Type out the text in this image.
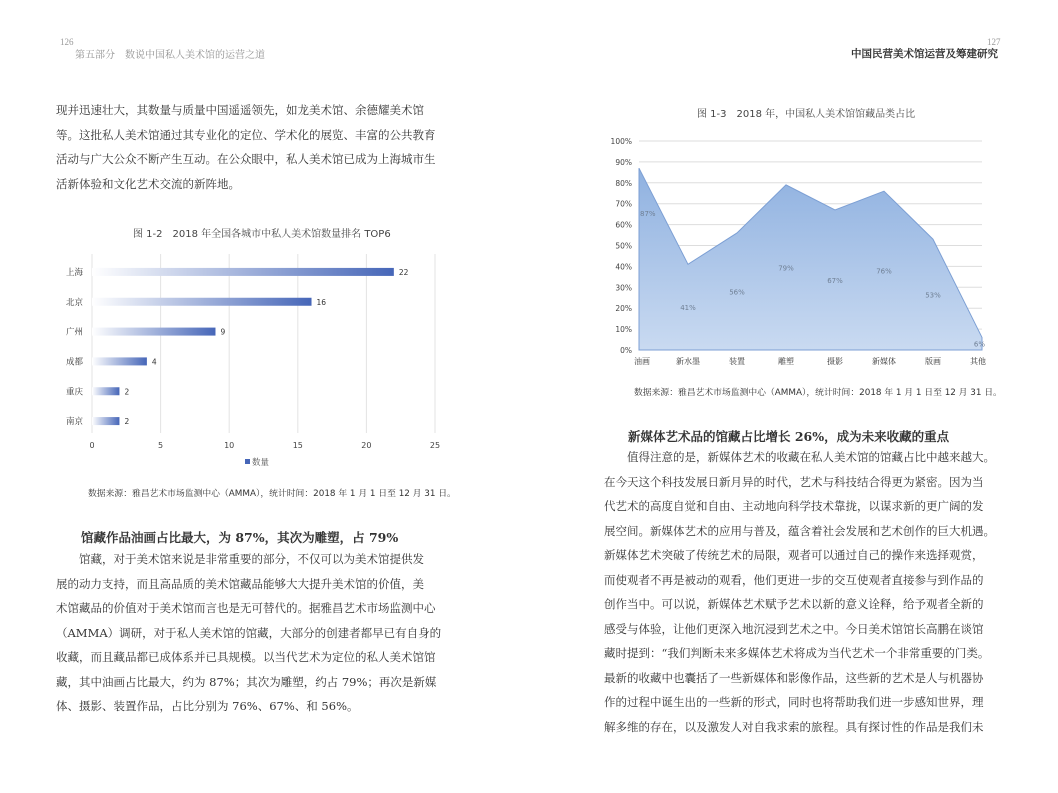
126
第五部分　数说中国私人美术馆的运营之道

现并迅速壮大，其数量与质量中国遥遥领先，如龙美术馆、余德耀美术馆
等。这批私人美术馆通过其专业化的定位、学术化的展览、丰富的公共教育
活动与广大公众不断产生互动。在公众眼中，私人美术馆已成为上海城市生
活新体验和文化艺术交流的新阵地。

图 1-2　2018 年全国各城市中私人美术馆数量排名 TOP6
上海
北京
广州
成都
重庆
南京
22
16
9
4
2
2
0	5	10	15	20	25
数量
数据来源：雅昌艺术市场监测中心（AMMA），统计时间：2018 年 1 月 1 日至 12 月 31 日。
馆藏作品油画占比最大，为 87%，其次为雕塑，占 79%

馆藏，对于美术馆来说是非常重要的部分，不仅可以为美术馆提供发
展的动力支持，而且高品质的美术馆藏品能够大大提升美术馆的价值，美
术馆藏品的价值对于美术馆而言也是无可替代的。据雅昌艺术市场监测中心
（AMMA）调研，对于私人美术馆的馆藏，大部分的创建者都早已有自身的
收藏，而且藏品都已成体系并已具规模。以当代艺术为定位的私人美术馆馆
藏，其中油画占比最大，约为 87%；其次为雕塑，约占 79%；再次是新媒
体、摄影、装置作品，占比分别为 76%、67%、和 56%。

127
中国民营美术馆运营及筹建研究
图 1-3　2018 年，中国私人美术馆馆藏品类占比
0%
10%
20%
30%
40%
50%
60%
70%
80%
90%
100%
87%
41%
56%
79%
67%
76%
53%
6%
油画	新水墨	装置	雕塑	摄影	新媒体	版画	其他
数据来源：雅昌艺术市场监测中心（AMMA），统计时间：2018 年 1 月 1 日至 12 月 31 日。
新媒体艺术品的馆藏占比增长 26%，成为未来收藏的重点

值得注意的是，新媒体艺术的收藏在私人美术馆的馆藏占比中越来越大。
在今天这个科技发展日新月异的时代，艺术与科技结合得更为紧密。因为当
代艺术的高度自觉和自由、主动地向科学技术靠拢，以谋求新的更广阔的发
展空间。新媒体艺术的应用与普及，蕴含着社会发展和艺术创作的巨大机遇。
新媒体艺术突破了传统艺术的局限，观者可以通过自己的操作来选择观赏，
而使观者不再是被动的观看，他们更进一步的交互使观者直接参与到作品的
创作当中。可以说，新媒体艺术赋予艺术以新的意义诠释，给予观者全新的
感受与体验，让他们更深入地沉浸到艺术之中。今日美术馆馆长高鹏在谈馆
藏时提到：“我们判断未来多媒体艺术将成为当代艺术一个非常重要的门类。
最新的收藏中也囊括了一些新媒体和影像作品，这些新的艺术是人与机器协
作的过程中诞生出的一些新的形式，同时也将帮助我们进一步感知世界，理
解多维的存在，以及激发人对自我求索的旅程。具有探讨性的作品是我们未
